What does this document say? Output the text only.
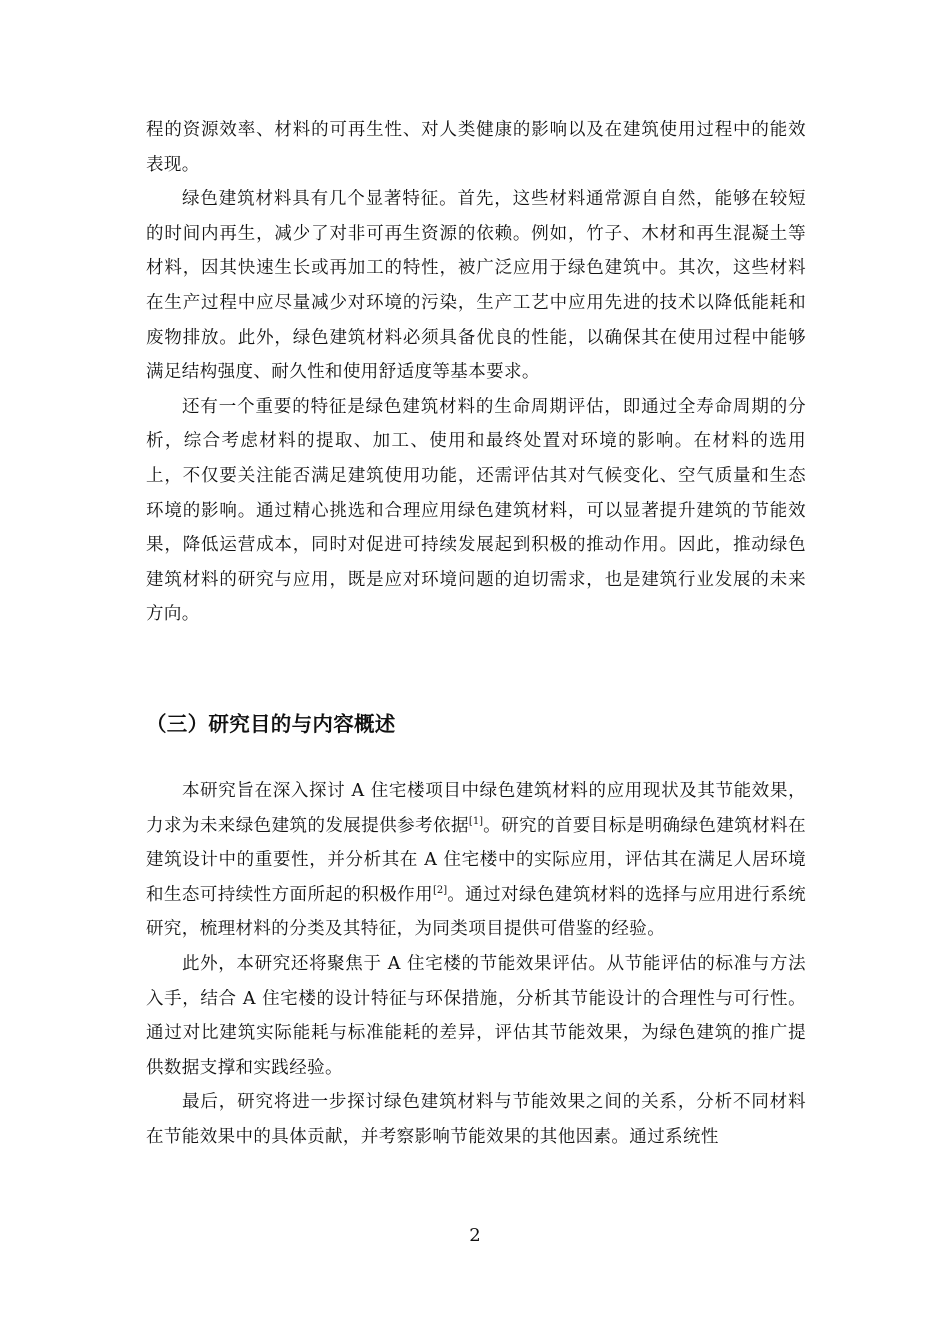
程的资源效率、材料的可再生性、对人类健康的影响以及在建筑使用过程中的能效表现。

绿色建筑材料具有几个显著特征。首先，这些材料通常源自自然，能够在较短的时间内再生，减少了对非可再生资源的依赖。例如，竹子、木材和再生混凝土等材料，因其快速生长或再加工的特性，被广泛应用于绿色建筑中。其次，这些材料在生产过程中应尽量减少对环境的污染，生产工艺中应用先进的技术以降低能耗和废物排放。此外，绿色建筑材料必须具备优良的性能，以确保其在使用过程中能够满足结构强度、耐久性和使用舒适度等基本要求。

还有一个重要的特征是绿色建筑材料的生命周期评估，即通过全寿命周期的分析，综合考虑材料的提取、加工、使用和最终处置对环境的影响。在材料的选用上，不仅要关注能否满足建筑使用功能，还需评估其对气候变化、空气质量和生态环境的影响。通过精心挑选和合理应用绿色建筑材料，可以显著提升建筑的节能效果，降低运营成本，同时对促进可持续发展起到积极的推动作用。因此，推动绿色建筑材料的研究与应用，既是应对环境问题的迫切需求，也是建筑行业发展的未来方向。

（三）研究目的与内容概述

本研究旨在深入探讨 A 住宅楼项目中绿色建筑材料的应用现状及其节能效果，力求为未来绿色建筑的发展提供参考依据[1]。研究的首要目标是明确绿色建筑材料在建筑设计中的重要性，并分析其在 A 住宅楼中的实际应用，评估其在满足人居环境和生态可持续性方面所起的积极作用[2]。通过对绿色建筑材料的选择与应用进行系统研究，梳理材料的分类及其特征，为同类项目提供可借鉴的经验。

此外，本研究还将聚焦于 A 住宅楼的节能效果评估。从节能评估的标准与方法入手，结合 A 住宅楼的设计特征与环保措施，分析其节能设计的合理性与可行性。通过对比建筑实际能耗与标准能耗的差异，评估其节能效果，为绿色建筑的推广提供数据支撑和实践经验。

最后，研究将进一步探讨绿色建筑材料与节能效果之间的关系，分析不同材料在节能效果中的具体贡献，并考察影响节能效果的其他因素。通过系统性

2
